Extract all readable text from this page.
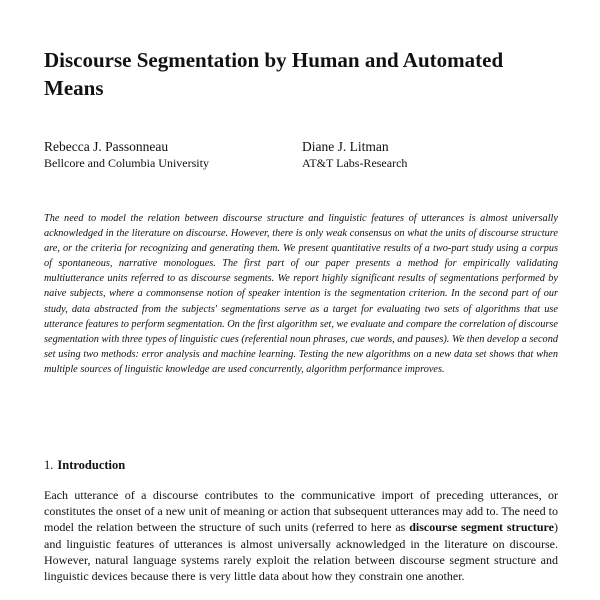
Discourse Segmentation by Human and Automated Means
Rebecca J. Passonneau
Bellcore and Columbia University
Diane J. Litman
AT&T Labs-Research

The need to model the relation between discourse structure and linguistic features of utterances is almost universally acknowledged in the literature on discourse. However, there is only weak consensus on what the units of discourse structure are, or the criteria for recognizing and generating them. We present quantitative results of a two-part study using a corpus of spontaneous, narrative monologues. The first part of our paper presents a method for empirically validating multiutterance units referred to as discourse segments. We report highly significant results of segmentations performed by naive subjects, where a commonsense notion of speaker intention is the segmentation criterion. In the second part of our study, data abstracted from the subjects' segmentations serve as a target for evaluating two sets of algorithms that use utterance features to perform segmentation. On the first algorithm set, we evaluate and compare the correlation of discourse segmentation with three types of linguistic cues (referential noun phrases, cue words, and pauses). We then develop a second set using two methods: error analysis and machine learning. Testing the new algorithms on a new data set shows that when multiple sources of linguistic knowledge are used concurrently, algorithm performance improves.

1. Introduction

Each utterance of a discourse contributes to the communicative import of preceding utterances, or constitutes the onset of a new unit of meaning or action that subsequent utterances may add to. The need to model the relation between the structure of such units (referred to here as discourse segment structure) and linguistic features of utterances is almost universally acknowledged in the literature on discourse. However, natural language systems rarely exploit the relation between discourse segment structure and linguistic devices because there is very little data about how they constrain one another.
